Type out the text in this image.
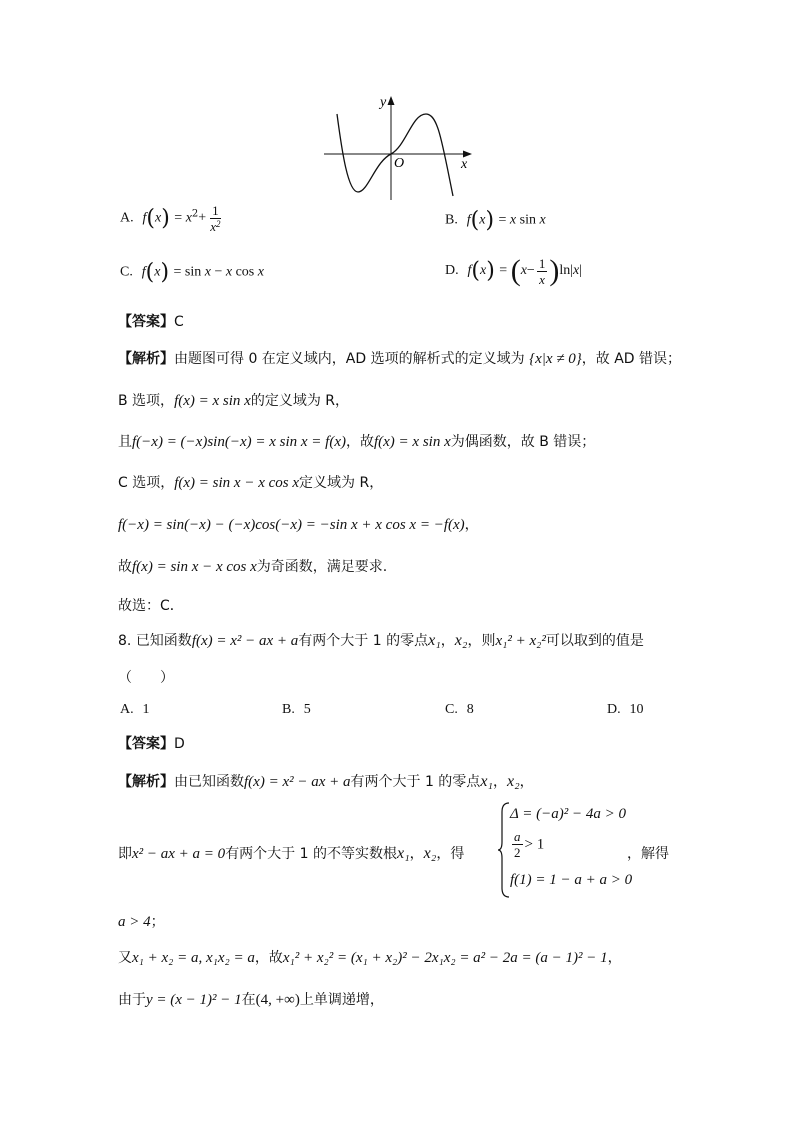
y
x
O
A. $f(x) = x^2+ \frac{1}{x^2}$	B. f(x) = x sin x
C. f(x) = sin x − x cos x	D. $f(x) = (x- \frac{1}{x} )\ln|x|$
【答案】C
【解析】由题图可得 0 在定义域内，AD 选项的解析式的定义域为 {x|x ≠ 0}，故 AD 错误；
B 选项，f(x) = x sin x的定义域为 R，
且f(−x) = (−x)sin(−x) = x sin x = f(x)，故f(x) = x sin x为偶函数，故 B 错误；
C 选项，f(x) = sin x − x cos x定义域为 R，
f(−x) = sin(−x) − (−x)cos(−x) = −sin x + x cos x = −f(x)，
故f(x) = sin x − x cos x为奇函数，满足要求.
故选：C．
8. 已知函数f(x) = x² − ax + a有两个大于 1 的零点x₁，x₂，则x₁² + x₂²可以取到的值是
（　　）
A. 1	B. 5	C. 8	D. 10
【答案】D
【解析】由已知函数f(x) = x² − ax + a有两个大于 1 的零点x₁，x₂，
即x² − ax + a = 0有两个大于 1 的不等实数根x₁，x₂，得
Δ = (−a)² − 4a > 0
$\frac{a}{2} > 1$
f(1) = 1 − a + a > 0
，解得
a > 4；
又x₁ + x₂ = a, x₁x₂ = a，故x₁² + x₂² = (x₁ + x₂)² − 2x₁x₂ = a² − 2a = (a − 1)² − 1，
由于y = (x − 1)² − 1在(4, +∞)上单调递增，
